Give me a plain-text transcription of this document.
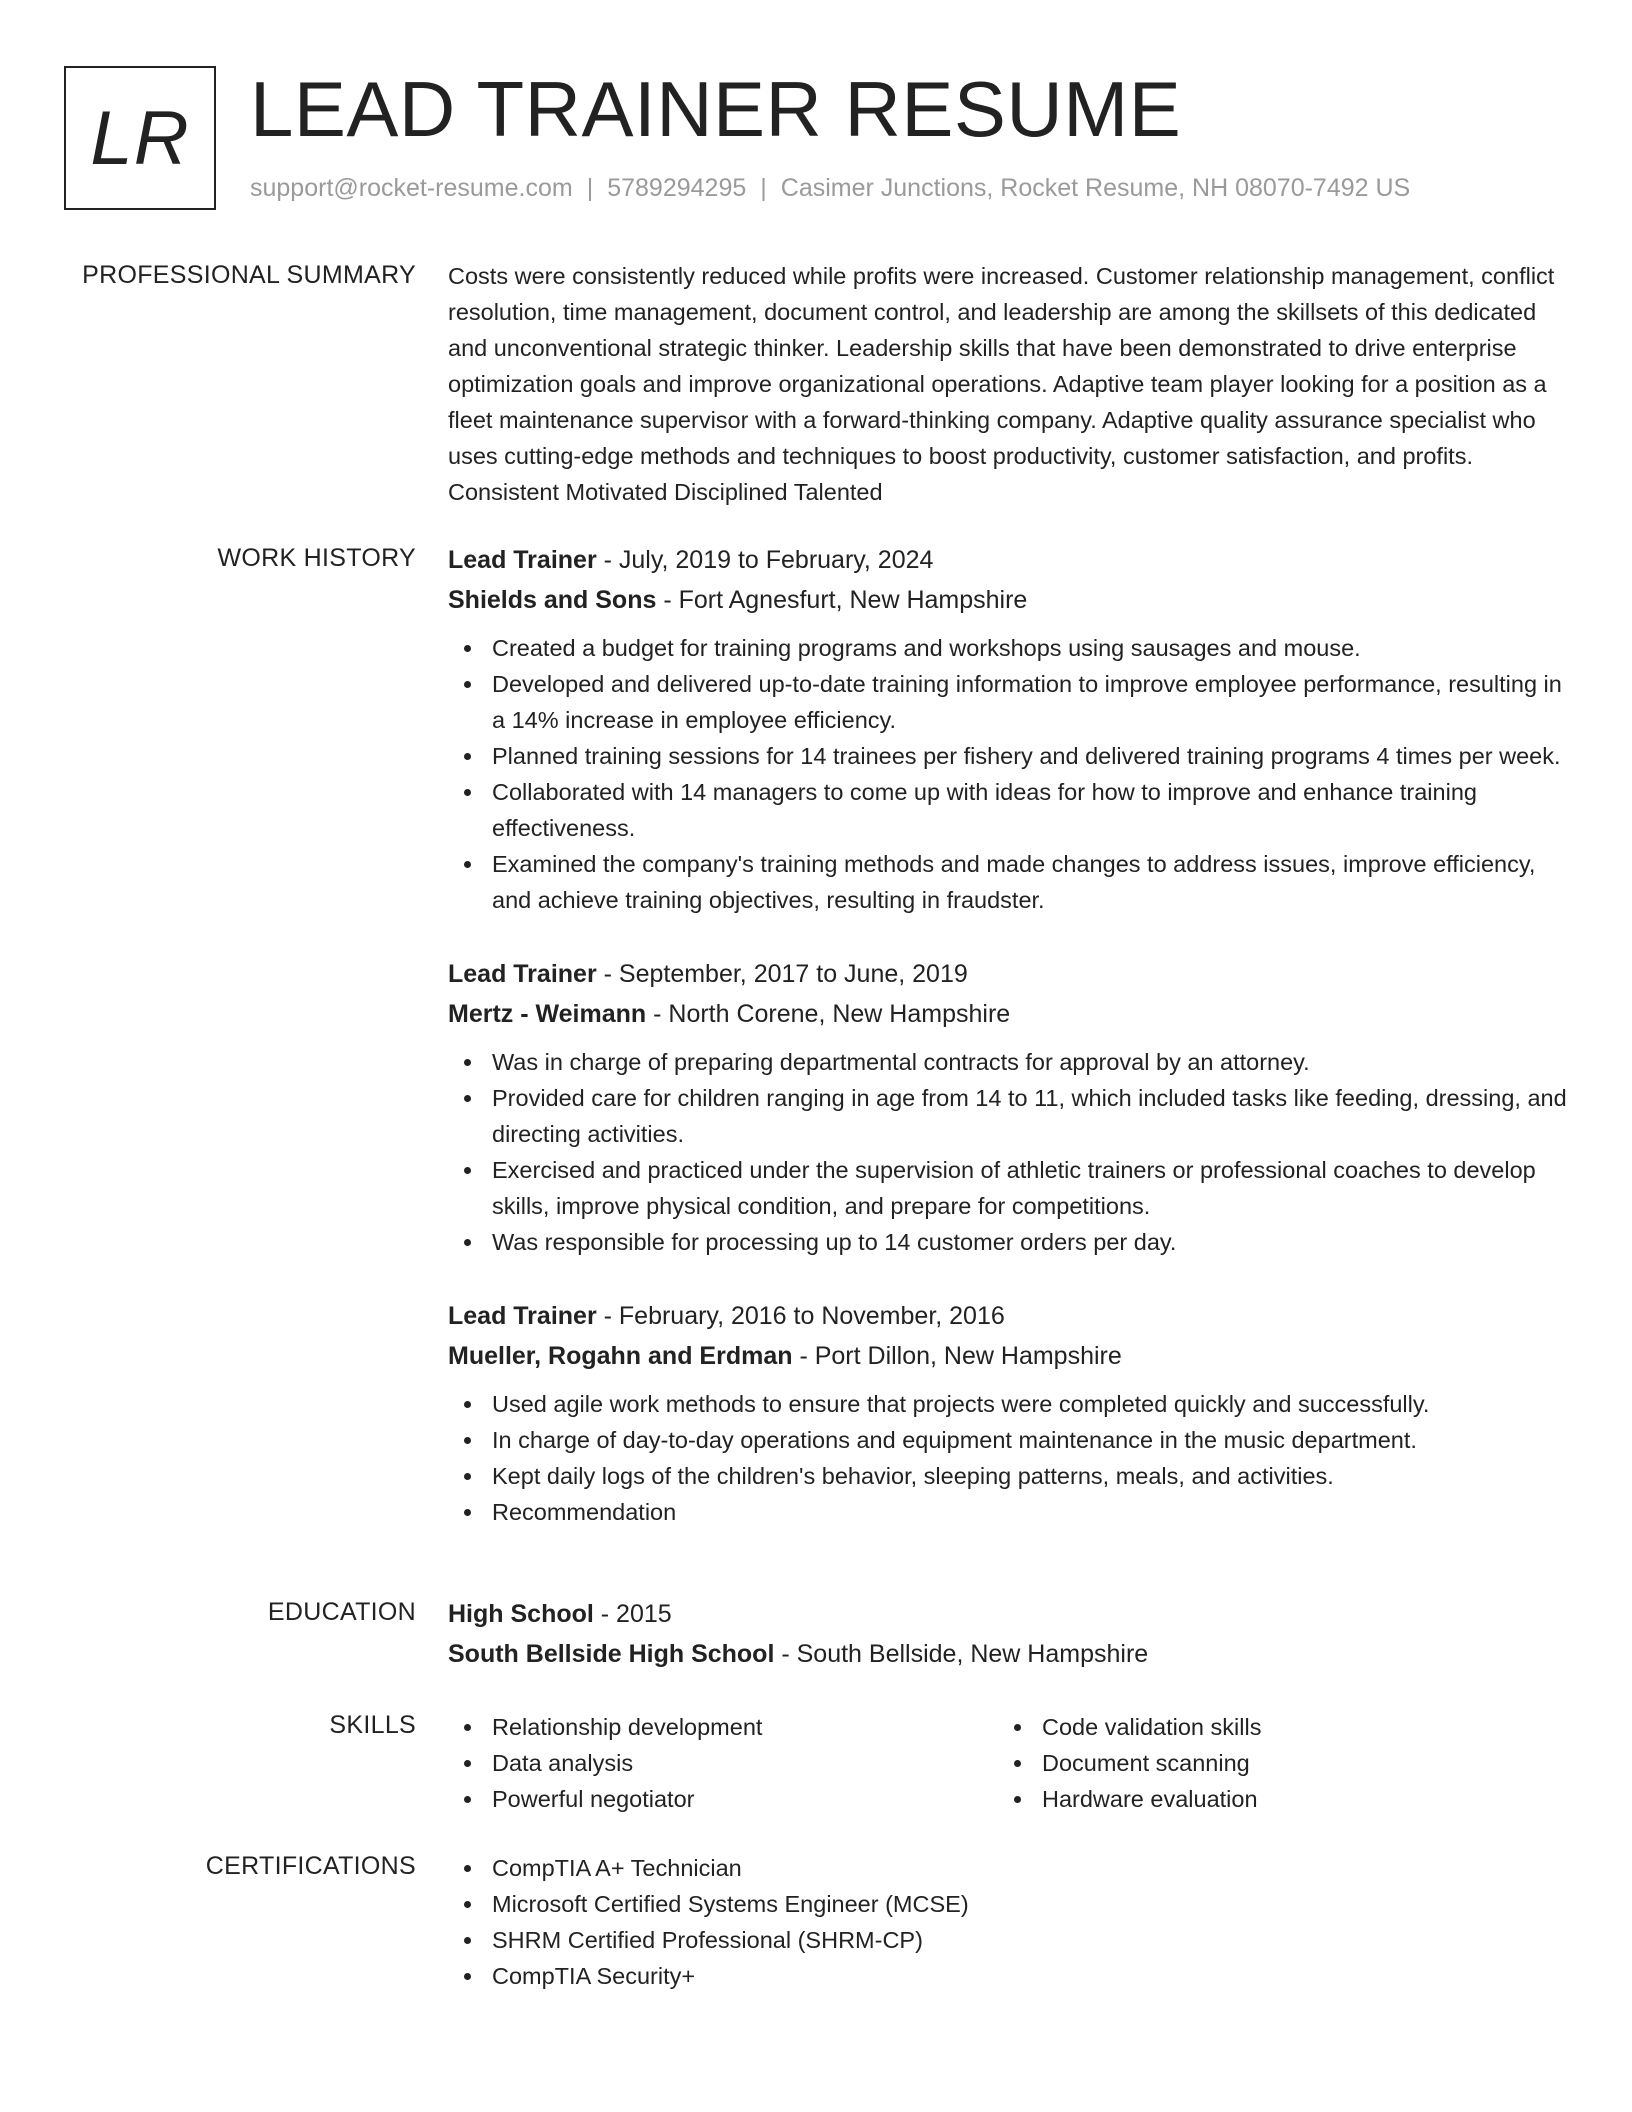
LR LEAD TRAINER RESUME
support@rocket-resume.com | 5789294295 | Casimer Junctions, Rocket Resume, NH 08070-7492 US
PROFESSIONAL SUMMARY Costs were consistently reduced while profits were increased. Customer relationship management, conflict resolution, time management, document control, and leadership are among the skillsets of this dedicated and unconventional strategic thinker. Leadership skills that have been demonstrated to drive enterprise optimization goals and improve organizational operations. Adaptive team player looking for a position as a fleet maintenance supervisor with a forward-thinking company. Adaptive quality assurance specialist who uses cutting-edge methods and techniques to boost productivity, customer satisfaction, and profits. Consistent Motivated Disciplined Talented
WORK HISTORY Lead Trainer - July, 2019 to February, 2024
Shields and Sons - Fort Agnesfurt, New Hampshire
Created a budget for training programs and workshops using sausages and mouse.
Developed and delivered up-to-date training information to improve employee performance, resulting in a 14% increase in employee efficiency.
Planned training sessions for 14 trainees per fishery and delivered training programs 4 times per week.
Collaborated with 14 managers to come up with ideas for how to improve and enhance training effectiveness.
Examined the company's training methods and made changes to address issues, improve efficiency, and achieve training objectives, resulting in fraudster.
Lead Trainer - September, 2017 to June, 2019
Mertz - Weimann - North Corene, New Hampshire
Was in charge of preparing departmental contracts for approval by an attorney.
Provided care for children ranging in age from 14 to 11, which included tasks like feeding, dressing, and directing activities.
Exercised and practiced under the supervision of athletic trainers or professional coaches to develop skills, improve physical condition, and prepare for competitions.
Was responsible for processing up to 14 customer orders per day.
Lead Trainer - February, 2016 to November, 2016
Mueller, Rogahn and Erdman - Port Dillon, New Hampshire
Used agile work methods to ensure that projects were completed quickly and successfully.
In charge of day-to-day operations and equipment maintenance in the music department.
Kept daily logs of the children's behavior, sleeping patterns, meals, and activities.
Recommendation
EDUCATION High School - 2015
South Bellside High School - South Bellside, New Hampshire
SKILLS	Relationship development
Data analysis
Powerful negotiator
Code validation skills
Document scanning
Hardware evaluation
CERTIFICATIONS	CompTIA A+ Technician
Microsoft Certified Systems Engineer (MCSE)
SHRM Certified Professional (SHRM-CP)
CompTIA Security+
